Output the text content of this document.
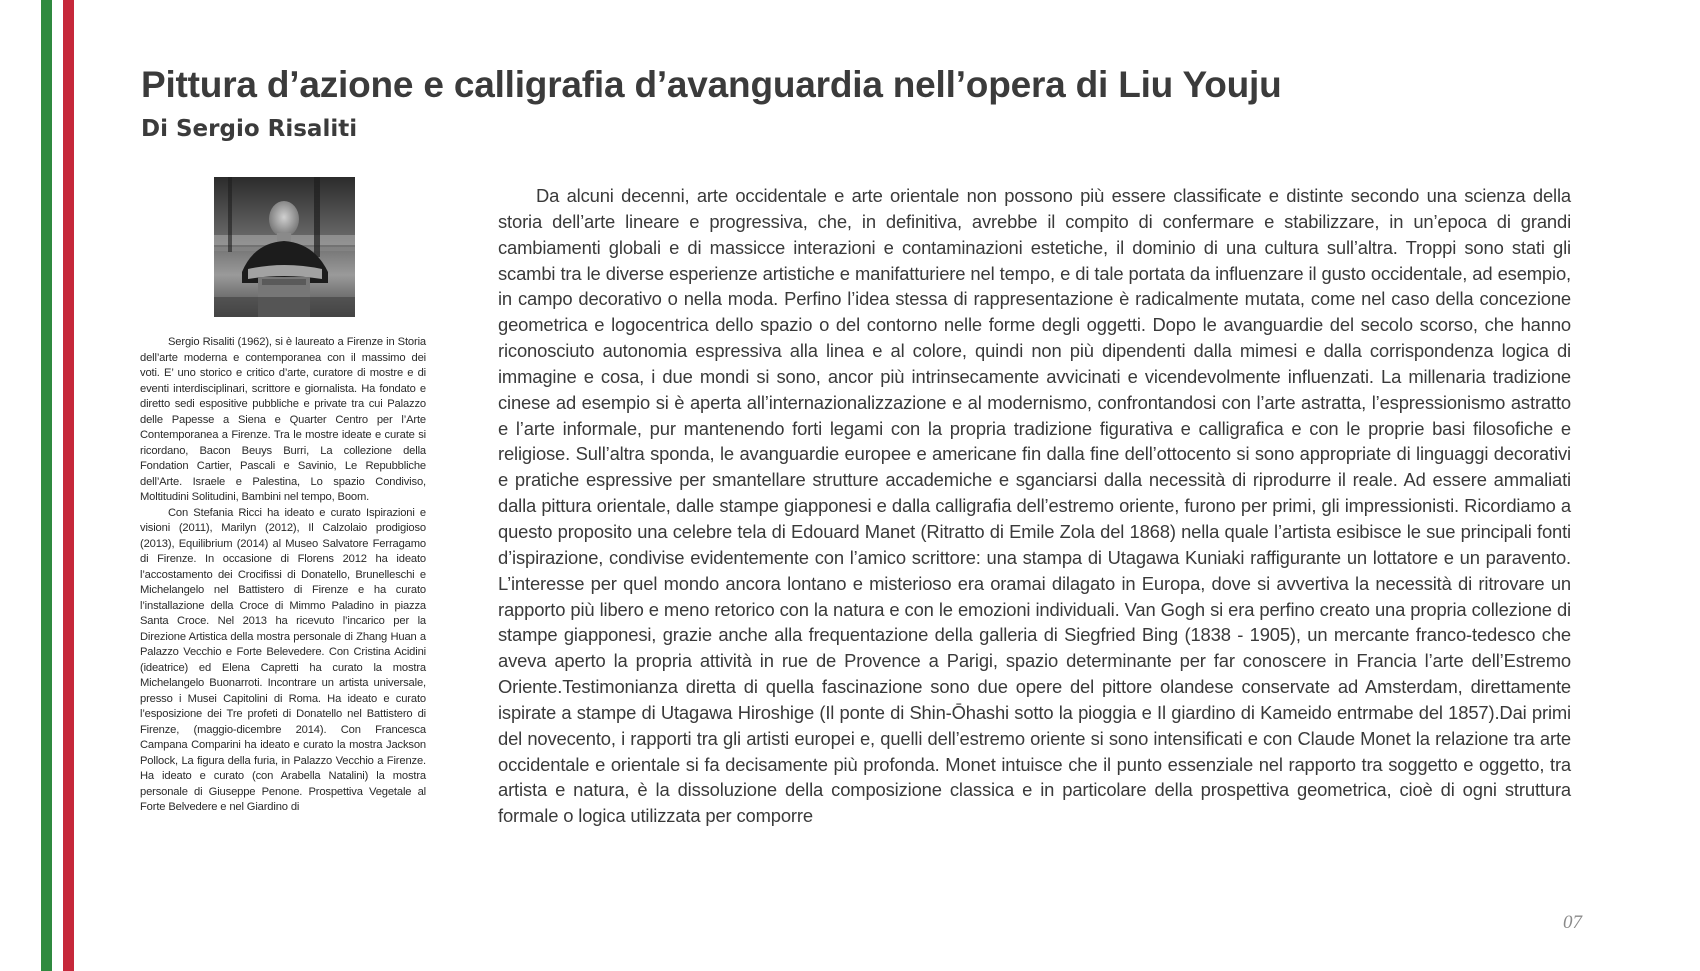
Pittura d’azione e calligrafia d’avanguardia nell’opera di Liu Youju
Di Sergio Risaliti

Sergio Risaliti (1962), si è laureato a Firenze in Storia dell’arte moderna e contemporanea con il massimo dei voti. E’ uno storico e critico d’arte, curatore di mostre e di eventi interdisciplinari, scrittore e giornalista. Ha fondato e diretto sedi espositive pubbliche e private tra cui Palazzo delle Papesse a Siena e Quarter Centro per l’Arte Contemporanea a Firenze. Tra le mostre ideate e curate si ricordano, Bacon Beuys Burri, La collezione della Fondation Cartier, Pascali e Savinio, Le Repubbliche dell’Arte. Israele e Palestina, Lo spazio Condiviso, Moltitudini Solitudini, Bambini nel tempo, Boom.

Con Stefania Ricci ha ideato e curato Ispirazioni e visioni (2011), Marilyn (2012), Il Calzolaio prodigioso (2013), Equilibrium (2014) al Museo Salvatore Ferragamo di Firenze. In occasione di Florens 2012 ha ideato l’accostamento dei Crocifissi di Donatello, Brunelleschi e Michelangelo nel Battistero di Firenze e ha curato l’installazione della Croce di Mimmo Paladino in piazza Santa Croce. Nel 2013 ha ricevuto l’incarico per la Direzione Artistica della mostra personale di Zhang Huan a Palazzo Vecchio e Forte Belevedere. Con Cristina Acidini (ideatrice) ed Elena Capretti ha curato la mostra Michelangelo Buonarroti. Incontrare un artista universale, presso i Musei Capitolini di Roma. Ha ideato e curato l’esposizione dei Tre profeti di Donatello nel Battistero di Firenze, (maggio-dicembre 2014). Con Francesca Campana Comparini ha ideato e curato la mostra Jackson Pollock, La figura della furia, in Palazzo Vecchio a Firenze. Ha ideato e curato (con Arabella Natalini) la mostra personale di Giuseppe Penone. Prospettiva Vegetale al Forte Belvedere e nel Giardino di

Da alcuni decenni, arte occidentale e arte orientale non possono più essere classificate e distinte secondo una scienza della storia dell’arte lineare e progressiva, che, in definitiva, avrebbe il compito di confermare e stabilizzare, in un’epoca di grandi cambiamenti globali e di massicce interazioni e contaminazioni estetiche, il dominio di una cultura sull’altra. Troppi sono stati gli scambi tra le diverse esperienze artistiche e manifatturiere nel tempo, e di tale portata da influenzare il gusto occidentale, ad esempio, in campo decorativo o nella moda. Perfino l’idea stessa di rappresentazione è radicalmente mutata, come nel caso della concezione geometrica e logocentrica dello spazio o del contorno nelle forme degli oggetti. Dopo le avanguardie del secolo scorso, che hanno riconosciuto autonomia espressiva alla linea e al colore, quindi non più dipendenti dalla mimesi e dalla corrispondenza logica di immagine e cosa, i due mondi si sono, ancor più intrinsecamente avvicinati e vicendevolmente influenzati. La millenaria tradizione cinese ad esempio si è aperta all’internazionalizzazione e al modernismo, confrontandosi con l’arte astratta, l’espressionismo astratto e l’arte informale, pur mantenendo forti legami con la propria tradizione figurativa e calligrafica e con le proprie basi filosofiche e religiose. Sull’altra sponda, le avanguardie europee e americane fin dalla fine dell’ottocento si sono appropriate di linguaggi decorativi e pratiche espressive per smantellare strutture accademiche e sganciarsi dalla necessità di riprodurre il reale. Ad essere ammaliati dalla pittura orientale, dalle stampe giapponesi e dalla calligrafia dell’estremo oriente, furono per primi, gli impressionisti. Ricordiamo a questo proposito una celebre tela di Edouard Manet (Ritratto di Emile Zola del 1868) nella quale l’artista esibisce le sue principali fonti d’ispirazione, condivise evidentemente con l’amico scrittore: una stampa di Utagawa Kuniaki raffigurante un lottatore e un paravento. L’interesse per quel mondo ancora lontano e misterioso era oramai dilagato in Europa, dove si avvertiva la necessità di ritrovare un rapporto più libero e meno retorico con la natura e con le emozioni individuali. Van Gogh si era perfino creato una propria collezione di stampe giapponesi, grazie anche alla frequentazione della galleria di Siegfried Bing (1838 - 1905), un mercante franco-tedesco che aveva aperto la propria attività in rue de Provence a Parigi, spazio determinante per far conoscere in Francia l’arte dell’Estremo Oriente.Testimonianza diretta di quella fascinazione sono due opere del pittore olandese conservate ad Amsterdam, direttamente ispirate a stampe di Utagawa Hiroshige (Il ponte di Shin-Ōhashi sotto la pioggia e Il giardino di Kameido entrmabe del 1857).Dai primi del novecento, i rapporti tra gli artisti europei e, quelli dell’estremo oriente si sono intensificati e con Claude Monet la relazione tra arte occidentale e orientale si fa decisamente più profonda. Monet intuisce che il punto essenziale nel rapporto tra soggetto e oggetto, tra artista e natura, è la dissoluzione della composizione classica e in particolare della prospettiva geometrica, cioè di ogni struttura formale o logica utilizzata per comporre

07
